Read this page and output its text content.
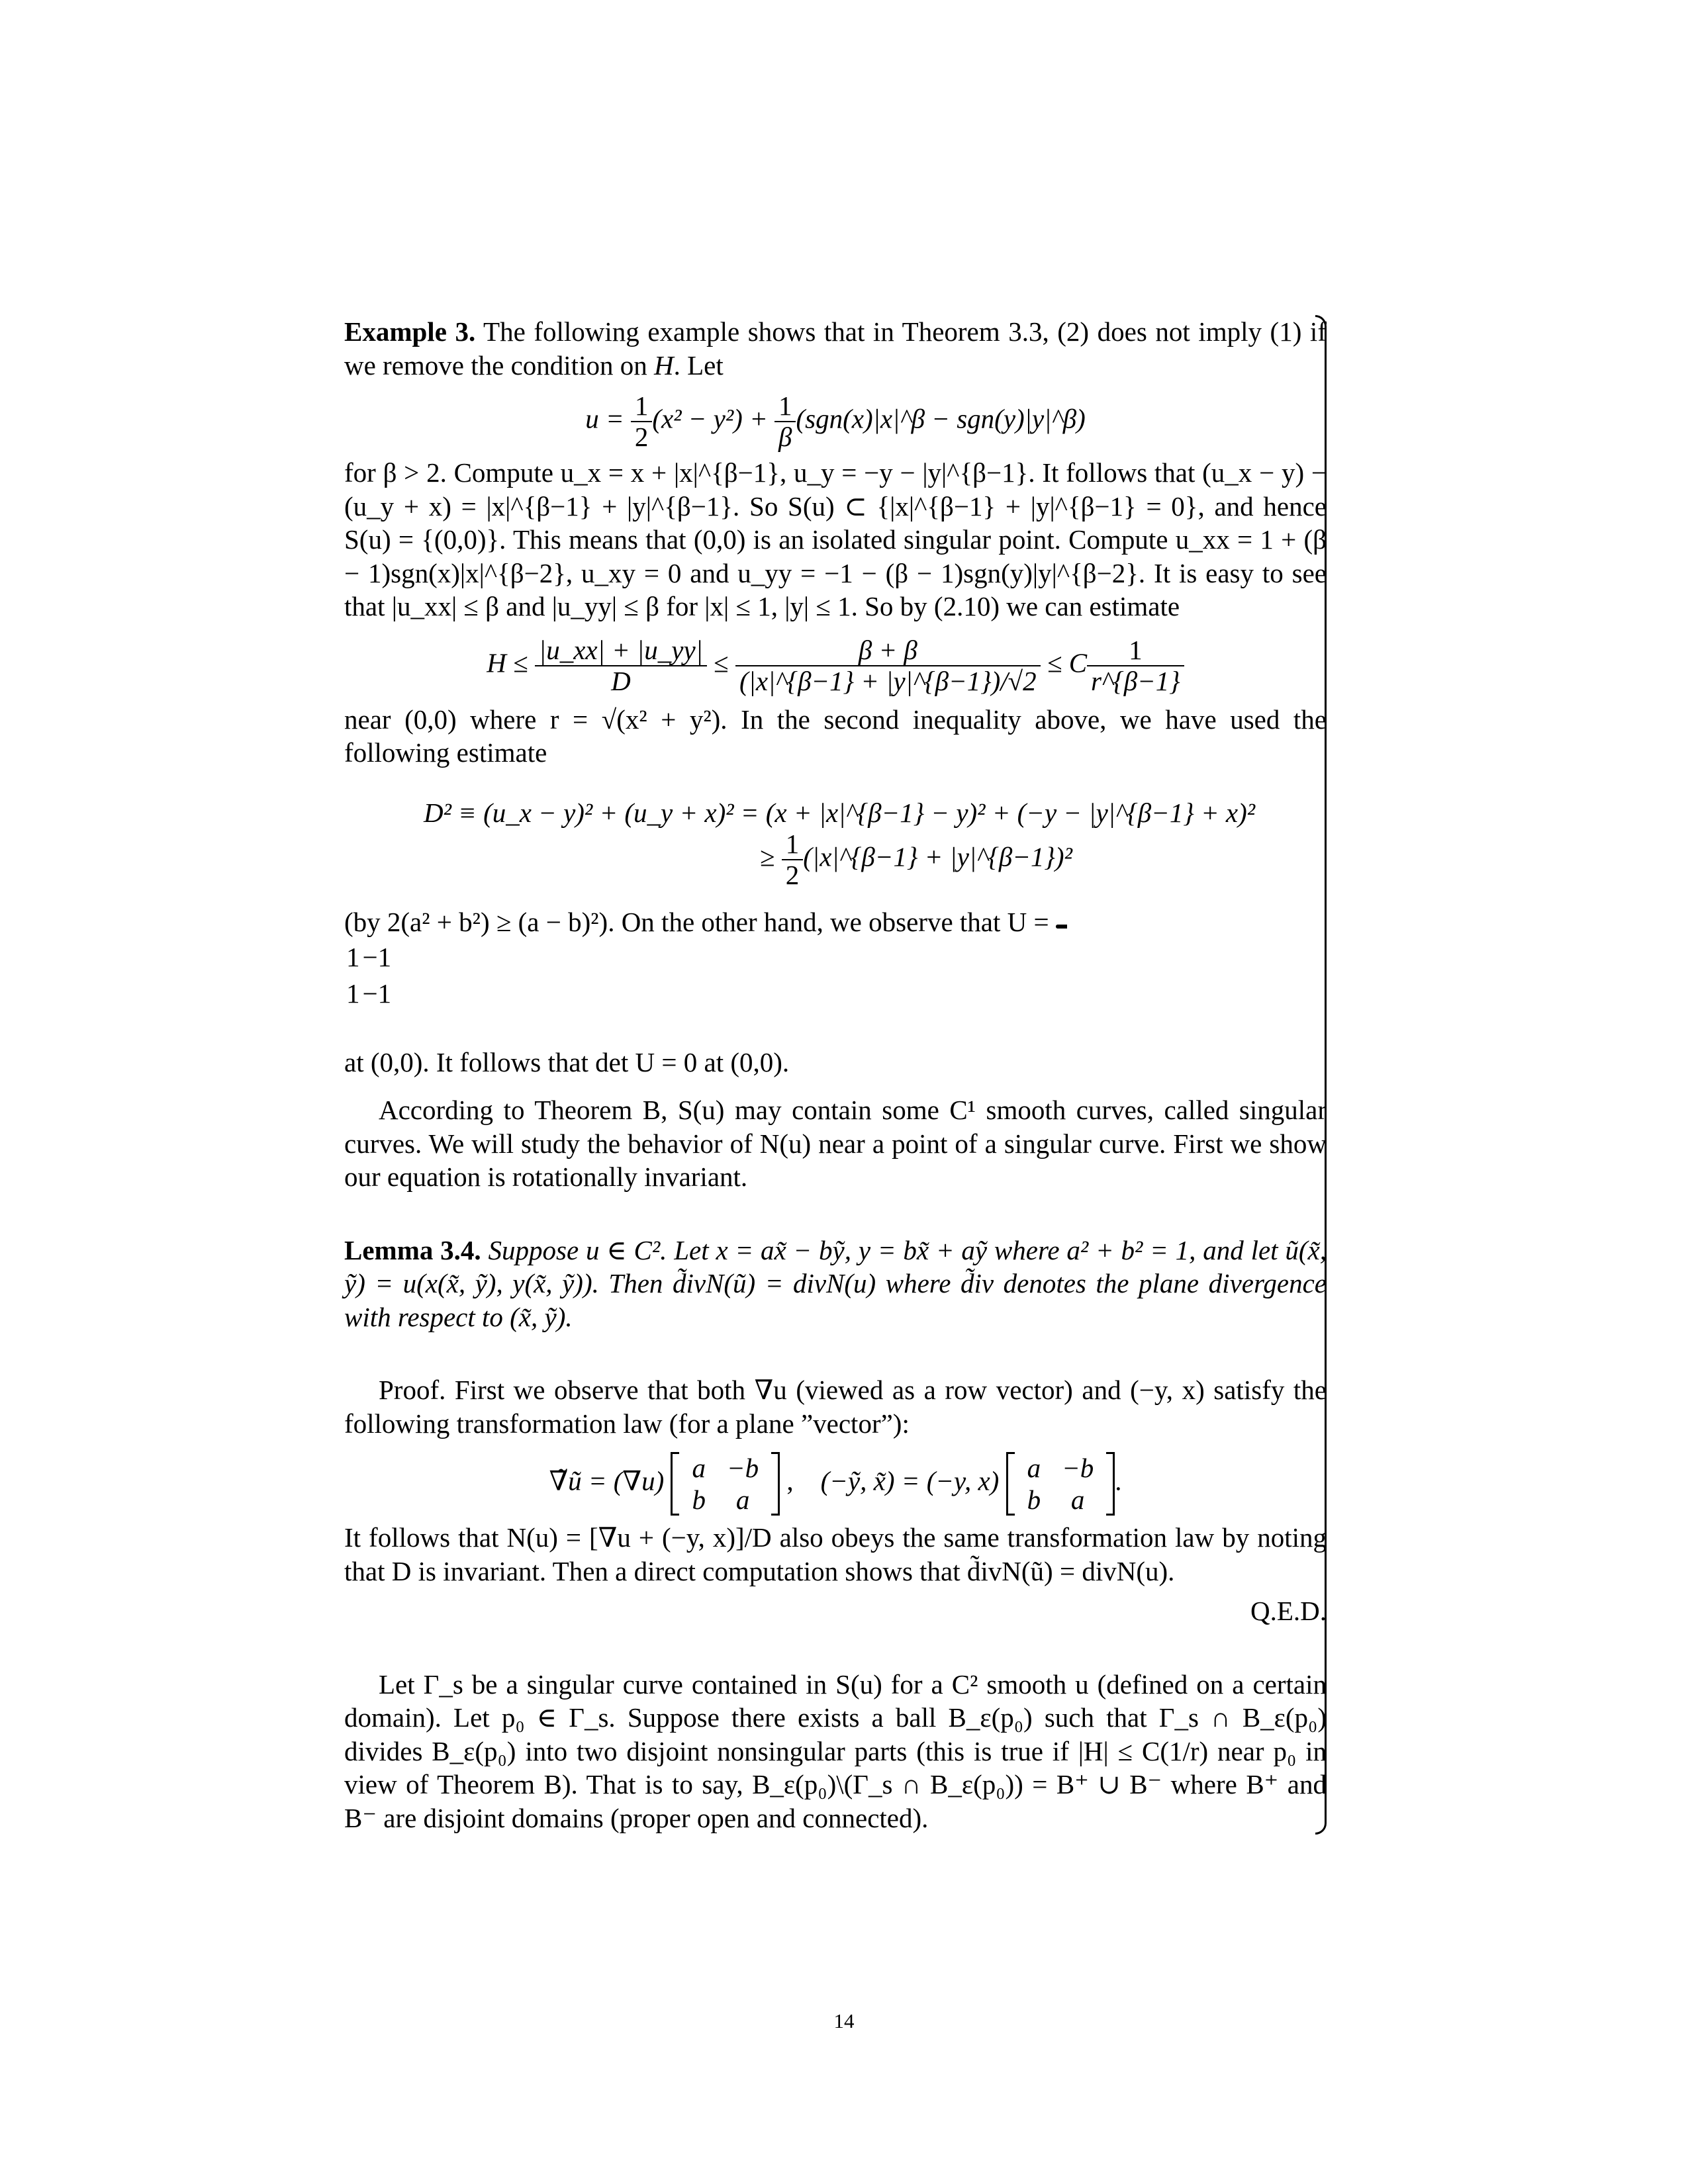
Example 3. The following example shows that in Theorem 3.3, (2) does not imply (1) if we remove the condition on H. Let

$u = \frac{1}{2} (x^2 - y^2) + \frac{1}{\beta}$ (sgn(x)|x|^β − sgn(y)|y|^β)

for β > 2. Compute u_x = x + |x|^{β−1}, u_y = −y − |y|^{β−1}. It follows that (u_x − y) − (u_y + x) = |x|^{β−1} + |y|^{β−1}. So S(u) ⊂ {|x|^{β−1} + |y|^{β−1} = 0}, and hence S(u) = {(0,0)}. This means that (0,0) is an isolated singular point. Compute u_xx = 1 + (β − 1)sgn(x)|x|^{β−2}, u_xy = 0 and u_yy = −1 − (β − 1)sgn(y)|y|^{β−2}. It is easy to see that |u_xx| ≤ β and |u_yy| ≤ β for |x| ≤ 1, |y| ≤ 1. So by (2.10) we can estimate

$H \le \frac{|u\_xx| + |u\_yy|}{D} \le \frac{\beta + \beta}{(|x|\^{}\{\beta-1\} + |y|\^{}\{\beta-1\})/√2} \le C \frac{1}{r\^{}\{\beta-1\}}$

near (0,0) where r = √(x² + y²). In the second inequality above, we have used the following estimate

D² ≡ (u_x − y)² + (u_y + x)² = (x + |x|^{β−1} − y)² + (−y − |y|^{β−1} + x)²
≥ $\frac{1}{2}$ (|x|^{β−1} + |y|^{β−1})²

(by 2(a² + b²) ≥ (a − b)²). On the other hand, we observe that U =

1	−1
1	−1

at (0,0). It follows that det U = 0 at (0,0).

According to Theorem B, S(u) may contain some C¹ smooth curves, called singular curves. We will study the behavior of N(u) near a point of a singular curve. First we show our equation is rotationally invariant.

Lemma 3.4. Suppose u ∈ C². Let x = ax̃ − bỹ, y = bx̃ + aỹ where a² + b² = 1, and let ũ(x̃, ỹ) = u(x(x̃, ỹ), y(x̃, ỹ)). Then d̃ivN(ũ) = divN(u) where d̃iv denotes the plane divergence with respect to (x̃, ỹ).

Proof. First we observe that both ∇u (viewed as a row vector) and (−y, x) satisfy the following transformation law (for a plane ”vector”):

∇̃ũ = (∇u) a	−b
b	a
, (−ỹ, x̃) = (−y, x) a	−b
b	a
.

It follows that N(u) = [∇u + (−y, x)]/D also obeys the same transformation law by noting that D is invariant. Then a direct computation shows that d̃ivN(ũ) = divN(u).

Q.E.D.

Let Γ_s be a singular curve contained in S(u) for a C² smooth u (defined on a certain domain). Let p₀ ∈ Γ_s. Suppose there exists a ball B_ε(p₀) such that Γ_s ∩ B_ε(p₀) divides B_ε(p₀) into two disjoint nonsingular parts (this is true if |H| ≤ C(1/r) near p₀ in view of Theorem B). That is to say, B_ε(p₀)\(Γ_s ∩ B_ε(p₀)) = B⁺ ∪ B⁻ where B⁺ and B⁻ are disjoint domains (proper open and connected).

14
